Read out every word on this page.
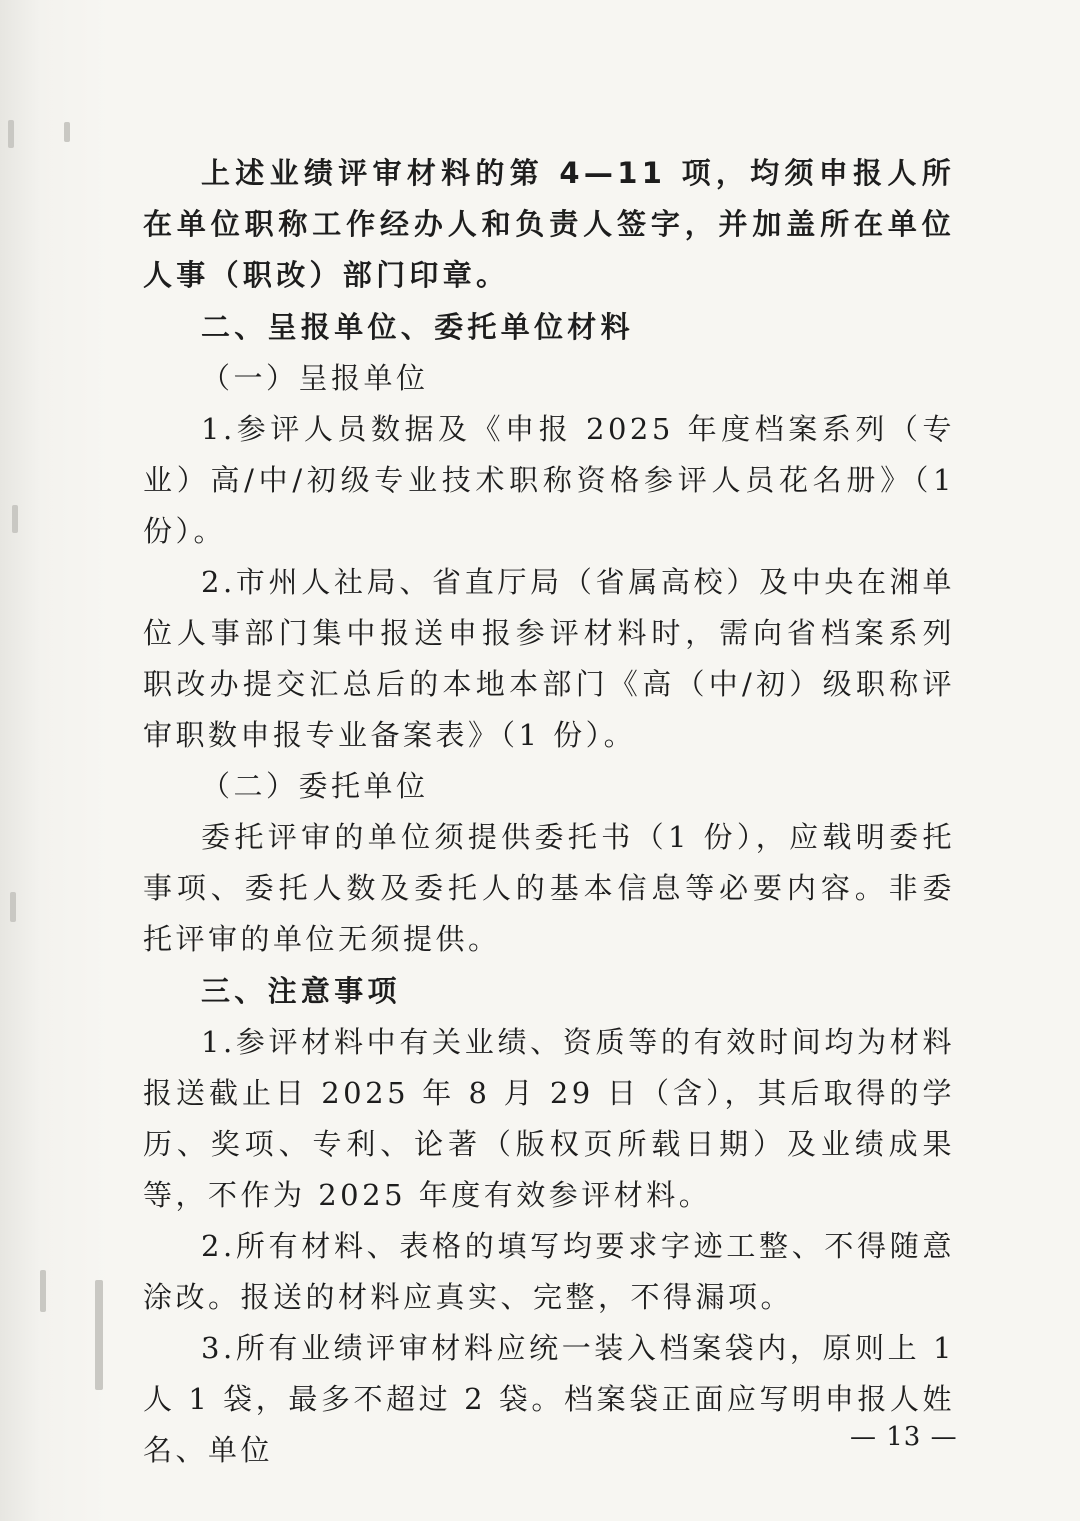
上述业绩评审材料的第 4—11 项，均须申报人所在单位职称工作经办人和负责人签字，并加盖所在单位人事（职改）部门印章。

二、呈报单位、委托单位材料

（一）呈报单位

1.参评人员数据及《申报 2025 年度档案系列（专业）高/中/初级专业技术职称资格参评人员花名册》（1 份）。

2.市州人社局、省直厅局（省属高校）及中央在湘单位人事部门集中报送申报参评材料时，需向省档案系列职改办提交汇总后的本地本部门《高（中/初）级职称评审职数申报专业备案表》（1 份）。

（二）委托单位

委托评审的单位须提供委托书（1 份），应载明委托事项、委托人数及委托人的基本信息等必要内容。非委托评审的单位无须提供。

三、注意事项

1.参评材料中有关业绩、资质等的有效时间均为材料报送截止日 2025 年 8 月 29 日（含），其后取得的学历、奖项、专利、论著（版权页所载日期）及业绩成果等，不作为 2025 年度有效参评材料。

2.所有材料、表格的填写均要求字迹工整、不得随意涂改。报送的材料应真实、完整，不得漏项。

3.所有业绩评审材料应统一装入档案袋内，原则上 1 人 1 袋，最多不超过 2 袋。档案袋正面应写明申报人姓名、单位	— 13 —
